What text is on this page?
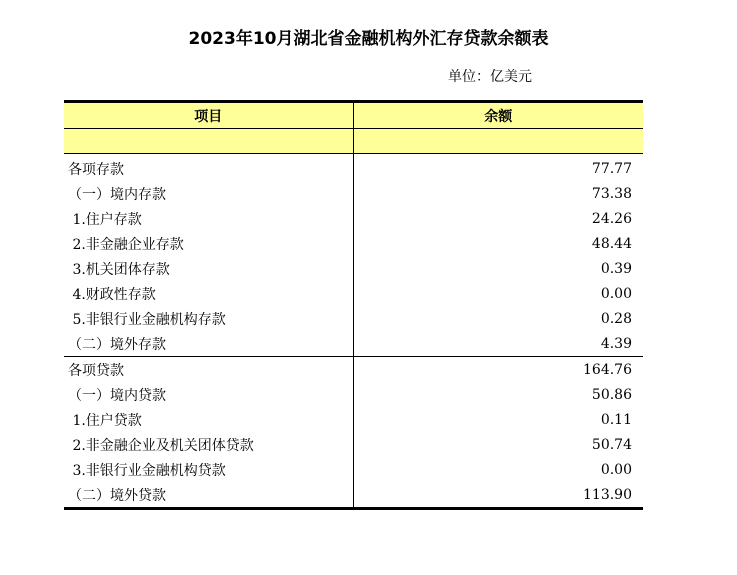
2023年10月湖北省金融机构外汇存贷款余额表
单位：亿美元
项目	余额

各项存款	77.77
（一）境内存款	73.38
1.住户存款	24.26
2.非金融企业存款	48.44
3.机关团体存款	0.39
4.财政性存款	0.00
5.非银行业金融机构存款	0.28
（二）境外存款	4.39
各项贷款	164.76
（一）境内贷款	50.86
1.住户贷款	0.11
2.非金融企业及机关团体贷款	50.74
3.非银行业金融机构贷款	0.00
（二）境外贷款	113.90
